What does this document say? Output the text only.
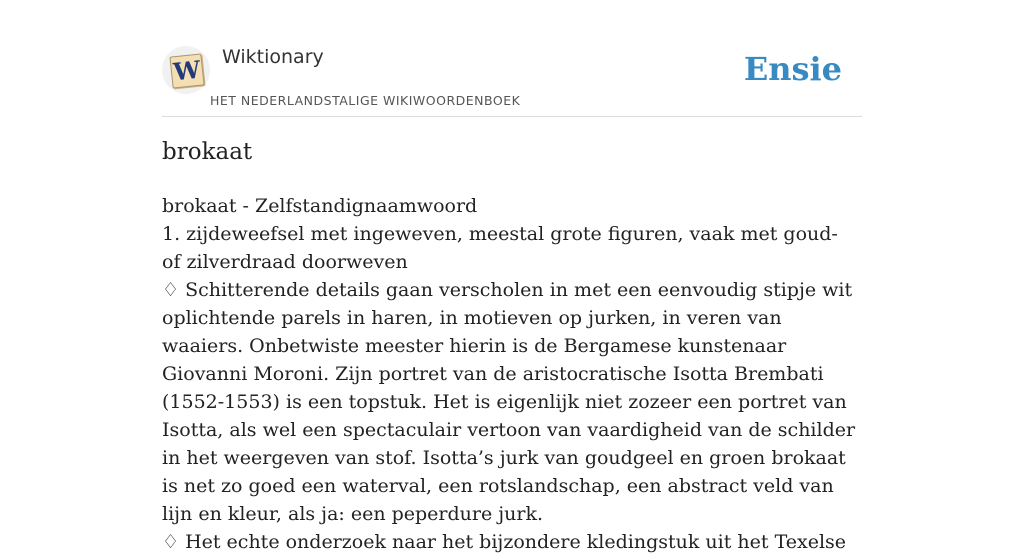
W Wiktionary
HET NEDERLANDSTALIGE WIKIWOORDENBOEK
Ensie
brokaat

brokaat - Zelfstandignaamwoord

1. zijdeweefsel met ingeweven, meestal grote figuren, vaak met goud- of zilverdraad doorweven

♢ Schitterende details gaan verscholen in met een eenvoudig stipje wit oplichtende parels in haren, in motieven op jurken, in veren van waaiers. Onbetwiste meester hierin is de Bergamese kunstenaar Giovanni Moroni. Zijn portret van de aristocratische Isotta Brembati (1552-1553) is een topstuk. Het is eigenlijk niet zozeer een portret van Isotta, als wel een spectaculair vertoon van vaardigheid van de schilder in het weergeven van stof. Isotta’s jurk van goudgeel en groen brokaat is net zo goed een waterval, een rotslandschap, een abstract veld van lijn en kleur, als ja: een peperdure jurk.

♢ Het echte onderzoek naar het bijzondere kledingstuk uit het Texelse
